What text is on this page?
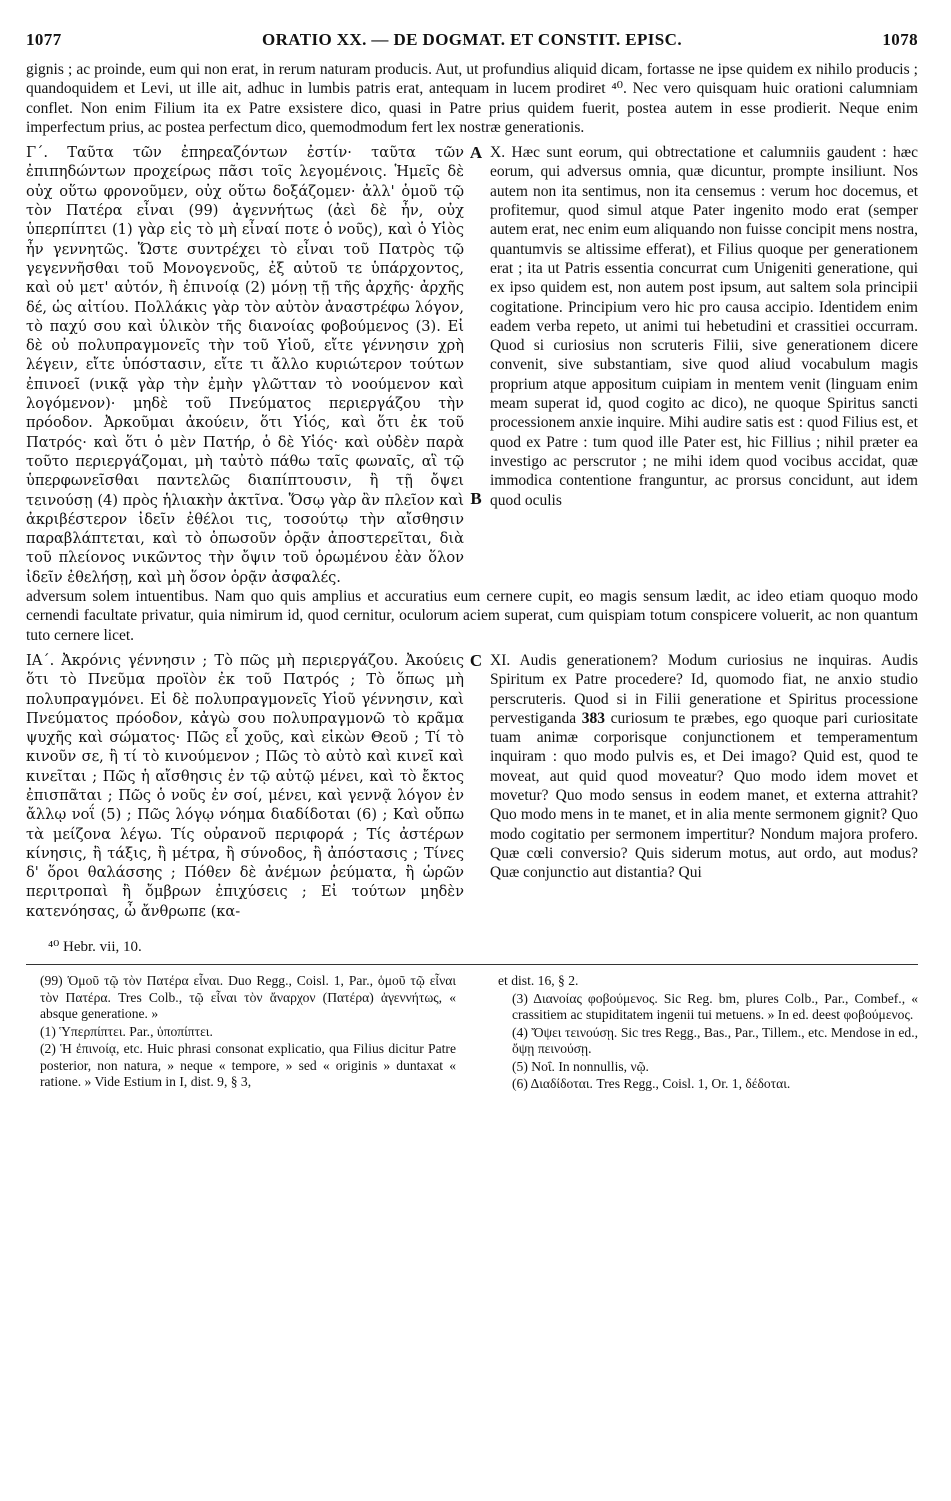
1077	ORATIO XX. — DE DOGMAT. ET CONSTIT. EPISC.	1078
gignis ; ac proinde, eum qui non erat, in rerum naturam producis. Aut, ut profundius aliquid dicam, fortasse ne ipse quidem ex nihilo producis ; quandoquidem et Levi, ut ille ait, adhuc in lumbis patris erat, antequam in lucem prodiret ⁴⁰. Nec vero quisquam huic orationi calumniam conflet. Non enim Filium ita ex Patre exsistere dico, quasi in Patre prius quidem fuerit, postea autem in esse prodierit. Neque enim imperfectum prius, ac postea perfectum dico, quemodmodum fert lex nostræ generationis.
Γ΄. Ταῦτα τῶν ἐπηρεαζόντων ἐστίν· ταῦτα τῶν ἐπιπηδώντων προχείρως πᾶσι τοῖς λεγομένοις. Ἡμεῖς δὲ οὐχ οὕτω φρονοῦμεν, οὐχ οὕτω δοξάζομεν· ἀλλ' ὁμοῦ τῷ τὸν Πατέρα εἶναι (99) ἀγεννήτως (ἀεὶ δὲ ἦν, οὐχ ὑπερπίπτει (1) γὰρ εἰς τὸ μὴ εἶναί ποτε ὁ νοῦς), καὶ ὁ Υἱὸς ἦν γεννητῶς. Ὥστε συντρέχει τὸ εἶναι τοῦ Πατρὸς τῷ γεγεννῆσθαι τοῦ Μονογενοῦς, ἐξ αὐτοῦ τε ὑπάρχοντος, καὶ οὐ μετ' αὐτόν, ἢ ἐπινοίᾳ (2) μόνῃ τῇ τῆς ἀρχῆς· ἀρχῆς δέ, ὡς αἰτίου. Πολλάκις γὰρ τὸν αὐτὸν ἀναστρέφω λόγον, τὸ παχύ σου καὶ ὑλικὸν τῆς διανοίας φοβούμενος (3). Εἰ δὲ οὐ πολυπραγμονεῖς τὴν τοῦ Υἱοῦ, εἴτε γέννησιν χρὴ λέγειν, εἴτε ὑπόστασιν, εἴτε τι ἄλλο κυριώτερον τούτων ἐπινοεῖ (νικᾷ γὰρ τὴν ἐμὴν γλῶτταν τὸ νοούμενον καὶ λογόμενον)· μηδὲ τοῦ Πνεύματος περιεργάζου τὴν πρόοδον. Ἀρκοῦμαι ἀκούειν, ὅτι Υἱός, καὶ ὅτι ἐκ τοῦ Πατρός· καὶ ὅτι ὁ μὲν Πατήρ, ὁ δὲ Υἱός· καὶ οὐδὲν παρὰ τοῦτο περιεργάζομαι, μὴ ταὐτὸ πάθω ταῖς φωναῖς, αἳ τῷ ὑπερφωνεῖσθαι παντελῶς διαπίπτουσιν, ἢ τῇ ὄψει τεινούσῃ (4) πρὸς ἡλιακὴν ἀκτῖνα. Ὅσῳ γὰρ ἂν πλεῖον καὶ ἀκριβέστερον ἰδεῖν ἐθέλοι τις, τοσούτῳ τὴν αἴσθησιν παραβλάπτεται, καὶ τὸ ὁπωσοῦν ὁρᾷν ἀποστερεῖται, διὰ τοῦ πλείονος νικῶντος τὴν ὄψιν τοῦ ὁρωμένου ἐὰν ὅλον ἰδεῖν ἐθελήσῃ, καὶ μὴ ὅσον ὁρᾷν ἀσφαλές.
A
B
X. Hæc sunt eorum, qui obtrectatione et calumniis gaudent : hæc eorum, qui adversus omnia, quæ dicuntur, prompte insiliunt. Nos autem non ita sentimus, non ita censemus : verum hoc docemus, et profitemur, quod simul atque Pater ingenito modo erat (semper autem erat, nec enim eum aliquando non fuisse concipit mens nostra, quantumvis se altissime efferat), et Filius quoque per generationem erat ; ita ut Patris essentia concurrat cum Unigeniti generatione, qui ex ipso quidem est, non autem post ipsum, aut saltem sola principii cogitatione. Principium vero hic pro causa accipio. Identidem enim eadem verba repeto, ut animi tui hebetudini et crassitiei occurram. Quod si curiosius non scruteris Filii, sive generationem dicere convenit, sive substantiam, sive quod aliud vocabulum magis proprium atque appositum cuipiam in mentem venit (linguam enim meam superat id, quod cogito ac dico), ne quoque Spiritus sancti processionem anxie inquire. Mihi audire satis est : quod Filius est, et quod ex Patre : tum quod ille Pater est, hic Fillius ; nihil præter ea investigo ac perscrutor ; ne mihi idem quod vocibus accidat, quæ immodica contentione franguntur, ac prorsus concidunt, aut idem quod oculis
adversum solem intuentibus. Nam quo quis amplius et accuratius eum cernere cupit, eo magis sensum lædit, ac ideo etiam quoquo modo cernendi facultate privatur, quia nimirum id, quod cernitur, oculorum aciem superat, cum quispiam totum conspicere voluerit, ac non quantum tuto cernere licet.
ΙΑ΄. Ἀκρόνις γέννησιν ; Τὸ πῶς μὴ περιεργάζου. Ἀκούεις ὅτι τὸ Πνεῦμα προϊὸν ἐκ τοῦ Πατρός ; Τὸ ὅπως μὴ πολυπραγμόνει. Εἰ δὲ πολυπραγμονεῖς Υἱοῦ γέννησιν, καὶ Πνεύματος πρόοδον, κἀγὼ σου πολυπραγμονῶ τὸ κρᾶμα ψυχῆς καὶ σώματος· Πῶς εἶ χοῦς, καὶ εἰκὼν Θεοῦ ; Τί τὸ κινοῦν σε, ἢ τί τὸ κινούμενον ; Πῶς τὸ αὐτὸ καὶ κινεῖ καὶ κινεῖται ; Πῶς ἡ αἴσθησις ἐν τῷ αὐτῷ μένει, καὶ τὸ ἔκτος ἐπισπᾶται ; Πῶς ὁ νοῦς ἐν σοί, μένει, καὶ γεννᾷ λόγον ἐν ἄλλῳ νοΐ (5) ; Πῶς λόγῳ νόημα διαδίδοται (6) ; Καὶ οὔπω τὰ μείζονα λέγω. Τίς οὐρανοῦ περιφορά ; Τίς ἀστέρων κίνησις, ἢ τάξις, ἢ μέτρα, ἢ σύνοδος, ἢ ἀπόστασις ; Τίνες δ' ὅροι θαλάσσης ; Πόθεν δὲ ἀνέμων ῥεύματα, ἢ ὡρῶν περιτροπαὶ ἢ ὄμβρων ἐπιχύσεις ; Εἰ τούτων μηδὲν κατενόησας, ὦ ἄνθρωπε (κα-
C XI. Audis generationem? Modum curiosius ne inquiras. Audis Spiritum ex Patre procedere? Id, quomodo fiat, ne anxio studio perscruteris. Quod si in Filii generatione et Spiritus processione pervestiganda 383 curiosum te præbes, ego quoque pari curiositate tuam animæ corporisque conjunctionem et temperamentum inquiram : quo modo pulvis es, et Dei imago? Quid est, quod te moveat, aut quid quod moveatur? Quo modo idem movet et movetur? Quo modo sensus in eodem manet, et externa attrahit? Quo modo mens in te manet, et in alia mente sermonem gignit? Quo modo cogitatio per sermonem impertitur? Nondum majora profero. Quæ cœli conversio? Quis siderum motus, aut ordo, aut modus? Quæ conjunctio aut distantia? Qui
⁴⁰ Hebr. vii, 10.
(99) Ὁμοῦ τῷ τὸν Πατέρα εἶναι. Duo Regg., Coisl. 1, Par., ὁμοῦ τῷ εἶναι τὸν Πατέρα. Tres Colb., τῷ εἶναι τὸν ἄναρχον (Πατέρα) ἀγεννήτως, « absque generatione. »
(1) Ὑπερπίπτει. Par., ὑποπίπτει.
(2) Ἡ ἐπινοίᾳ, etc. Huic phrasi consonat explicatio, qua Filius dicitur Patre posterior, non natura, » neque « tempore, » sed « originis » duntaxat « ratione. » Vide Estium in I, dist. 9, § 3,
et dist. 16, § 2.
(3) Διανοίας φοβούμενος. Sic Reg. bm, plures Colb., Par., Combef., « crassitiem ac stupiditatem ingenii tui metuens. » In ed. deest φοβούμενος.
(4) Ὄψει τεινούσῃ. Sic tres Regg., Bas., Par., Tillem., etc. Mendose in ed., ὄψῃ πεινούσῃ.
(5) Νοΐ. In nonnullis, νῷ.
(6) Διαδίδοται. Tres Regg., Coisl. 1, Or. 1, δέδοται.
